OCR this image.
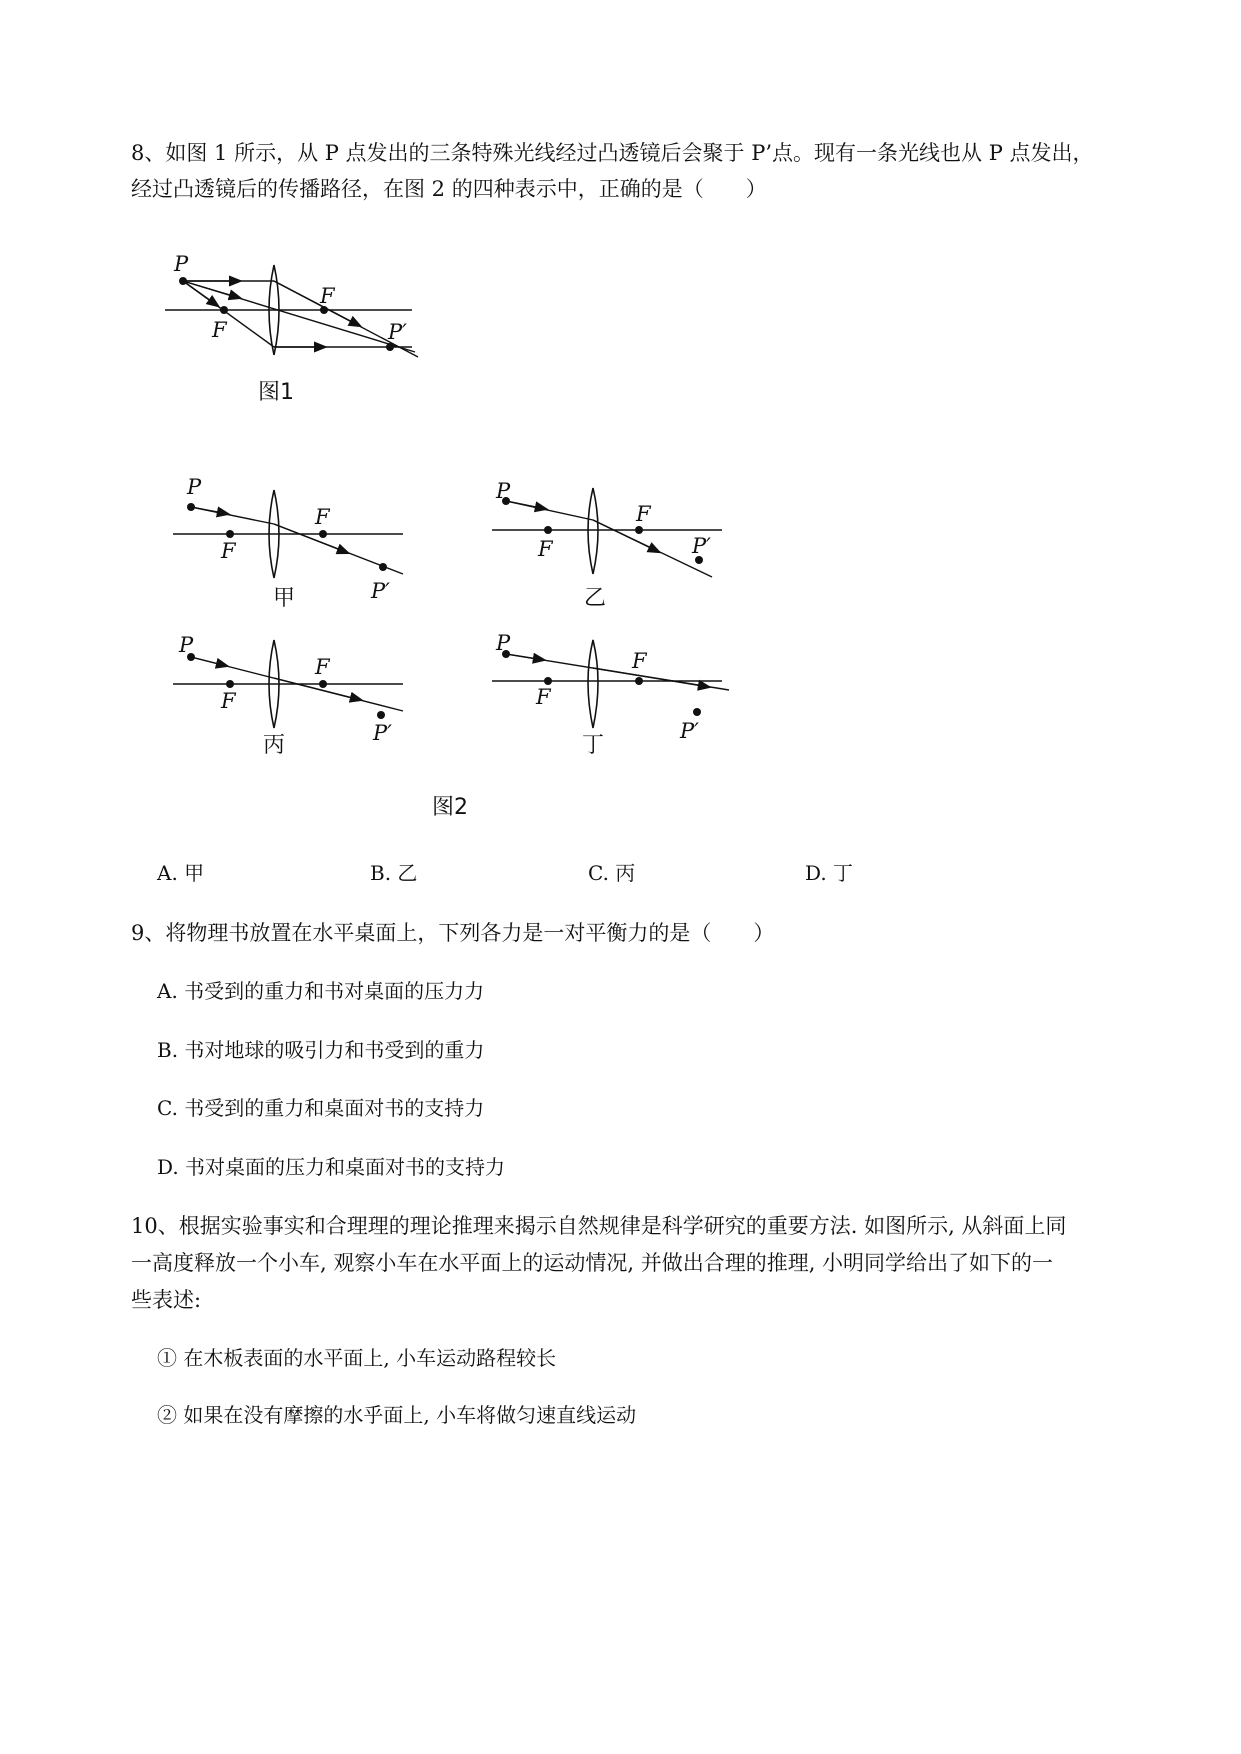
8、如图 1 所示，从 P 点发出的三条特殊光线经过凸透镜后会聚于 P’点。现有一条光线也从 P 点发出，
经过凸透镜后的传播路径，在图 2 的四种表示中，正确的是（　　）
P
F
F
P′
图1
P
F
F
P′
甲
P
F
F
P′
乙
P
F
F
P′
丙
P
F
F
P′
丁
图2
A. 甲	B. 乙	C. 丙	D. 丁
9、将物理书放置在水平桌面上，下列各力是一对平衡力的是（　　）
A. 书受到的重力和书对桌面的压力力
B. 书对地球的吸引力和书受到的重力
C. 书受到的重力和桌面对书的支持力
D. 书对桌面的压力和桌面对书的支持力
10、根据实验事实和合理理的理论推理来揭示自然规律是科学研究的重要方法. 如图所示, 从斜面上同
一高度释放一个小车, 观察小车在水平面上的运动情况, 并做出合理的推理, 小明同学给出了如下的一
些表述:
① 在木板表面的水平面上, 小车运动路程较长
② 如果在没有摩擦的水乎面上, 小车将做匀速直线运动
